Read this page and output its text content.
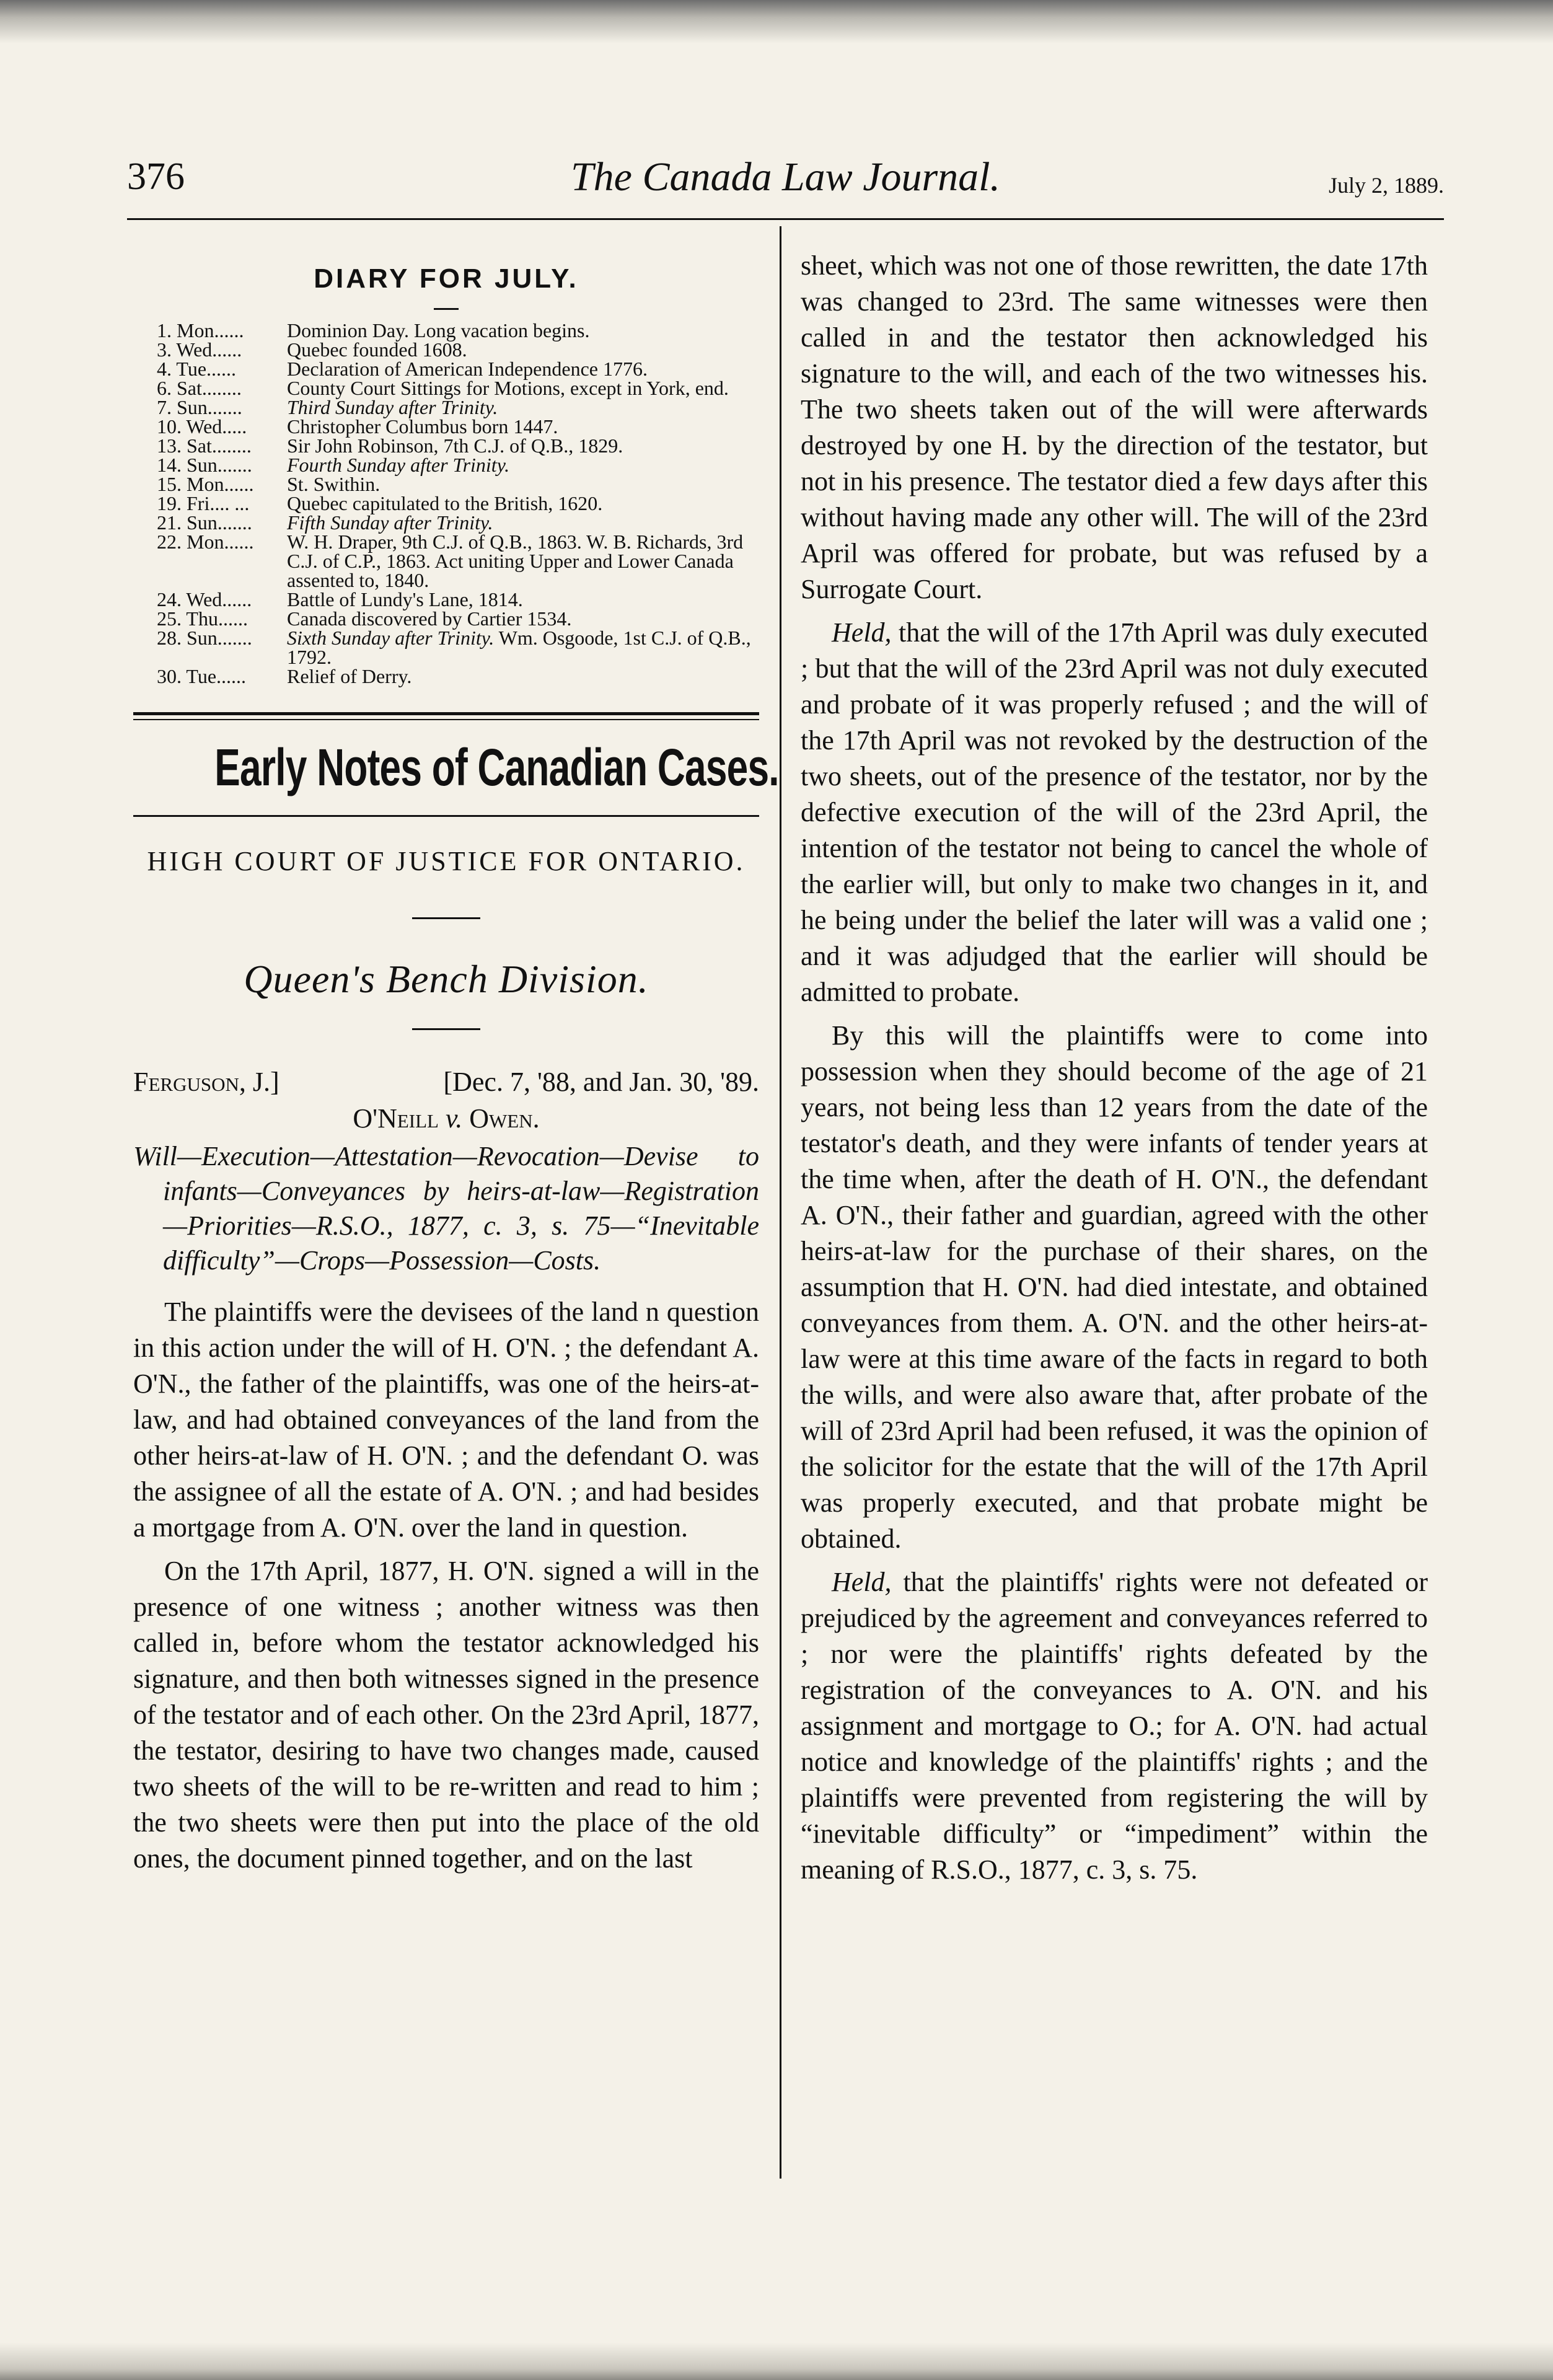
376	The Canada Law Journal.	July 2, 1889.
DIARY FOR JULY.
1. Mon......	Dominion Day. Long vacation begins.
3. Wed......	Quebec founded 1608.
4. Tue......	Declaration of American Independence 1776.
6. Sat........	County Court Sittings for Motions, except in York, end.
7. Sun.......	Third Sunday after Trinity.
10. Wed.....	Christopher Columbus born 1447.
13. Sat........	Sir John Robinson, 7th C.J. of Q.B., 1829.
14. Sun.......	Fourth Sunday after Trinity.
15. Mon......	St. Swithin.
19. Fri.... ...	Quebec capitulated to the British, 1620.
21. Sun.......	Fifth Sunday after Trinity.
22. Mon......	W. H. Draper, 9th C.J. of Q.B., 1863. W. B. Richards, 3rd C.J. of C.P., 1863. Act uniting Upper and Lower Canada assented to, 1840.
24. Wed......	Battle of Lundy's Lane, 1814.
25. Thu......	Canada discovered by Cartier 1534.
28. Sun.......	Sixth Sunday after Trinity. Wm. Osgoode, 1st C.J. of Q.B., 1792.
30. Tue......	Relief of Derry.
Early Notes of Canadian Cases.
HIGH COURT OF JUSTICE FOR ONTARIO.
Queen's Bench Division.
Ferguson, J.]	[Dec. 7, '88, and Jan. 30, '89.
O'Neill v. Owen.
Will—Execution—Attestation—Revocation—Devise to infants—Conveyances by heirs-at-law—Registration—Priorities—R.S.O., 1877, c. 3, s. 75—“Inevitable difficulty”—Crops—Possession—Costs.

The plaintiffs were the devisees of the land n question in this action under the will of H. O'N. ; the defendant A. O'N., the father of the plaintiffs, was one of the heirs-at-law, and had obtained conveyances of the land from the other heirs-at-law of H. O'N. ; and the defendant O. was the assignee of all the estate of A. O'N. ; and had besides a mortgage from A. O'N. over the land in question.

On the 17th April, 1877, H. O'N. signed a will in the presence of one witness ; another witness was then called in, before whom the testator acknowledged his signature, and then both witnesses signed in the presence of the testator and of each other. On the 23rd April, 1877, the testator, desiring to have two changes made, caused two sheets of the will to be re-written and read to him ; the two sheets were then put into the place of the old ones, the document pinned together, and on the last

sheet, which was not one of those rewritten, the date 17th was changed to 23rd. The same witnesses were then called in and the testator then acknowledged his signature to the will, and each of the two witnesses his. The two sheets taken out of the will were afterwards destroyed by one H. by the direction of the testator, but not in his presence. The testator died a few days after this without having made any other will. The will of the 23rd April was offered for probate, but was refused by a Surrogate Court.

Held, that the will of the 17th April was duly executed ; but that the will of the 23rd April was not duly executed and probate of it was properly refused ; and the will of the 17th April was not revoked by the destruction of the two sheets, out of the presence of the testator, nor by the defective execution of the will of the 23rd April, the intention of the testator not being to cancel the whole of the earlier will, but only to make two changes in it, and he being under the belief the later will was a valid one ; and it was adjudged that the earlier will should be admitted to probate.

By this will the plaintiffs were to come into possession when they should become of the age of 21 years, not being less than 12 years from the date of the testator's death, and they were infants of tender years at the time when, after the death of H. O'N., the defendant A. O'N., their father and guardian, agreed with the other heirs-at-law for the purchase of their shares, on the assumption that H. O'N. had died intestate, and obtained conveyances from them. A. O'N. and the other heirs-at-law were at this time aware of the facts in regard to both the wills, and were also aware that, after probate of the will of 23rd April had been refused, it was the opinion of the solicitor for the estate that the will of the 17th April was properly executed, and that probate might be obtained.

Held, that the plaintiffs' rights were not defeated or prejudiced by the agreement and conveyances referred to ; nor were the plaintiffs' rights defeated by the registration of the conveyances to A. O'N. and his assignment and mortgage to O.; for A. O'N. had actual notice and knowledge of the plaintiffs' rights ; and the plaintiffs were prevented from registering the will by “inevitable difficulty” or “impediment” within the meaning of R.S.O., 1877, c. 3, s. 75.
